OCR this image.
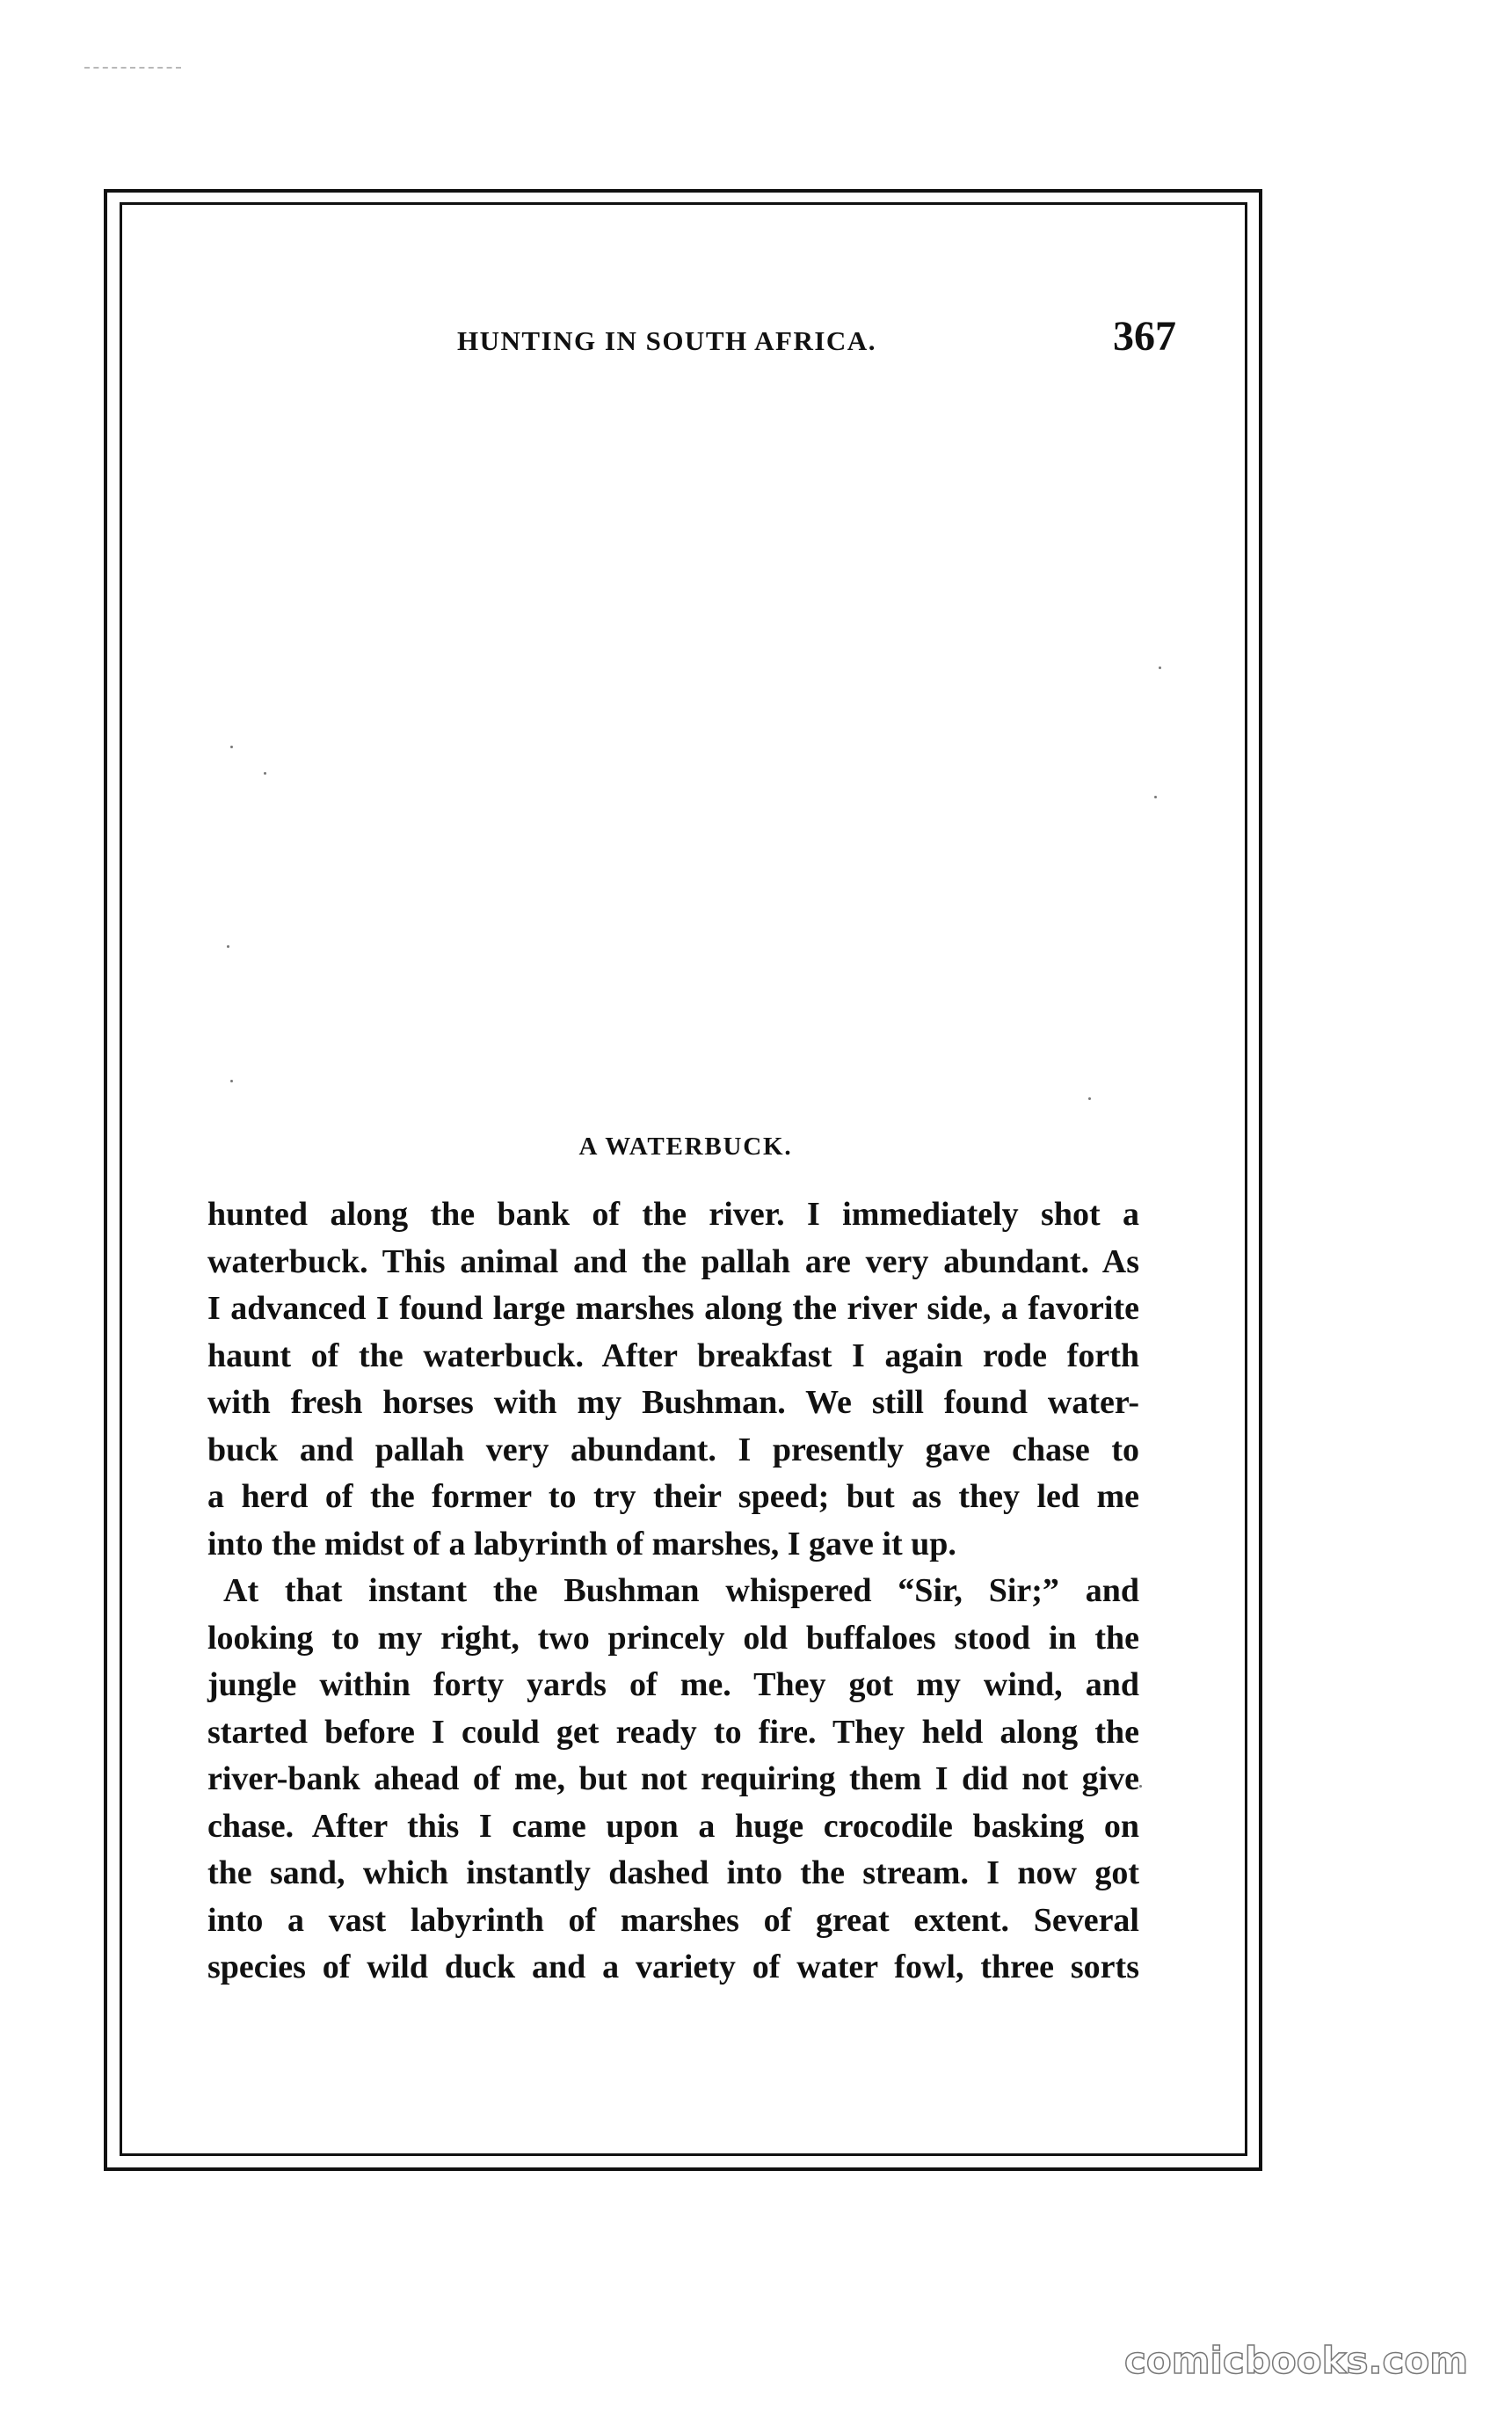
HUNTING IN SOUTH AFRICA.	367
A WATERBUCK.
hunted along the bank of the river. I immediately shot a
waterbuck. This animal and the pallah are very abundant. As
I advanced I found large marshes along the river side, a favorite
haunt of the waterbuck. After breakfast I again rode forth
with fresh horses with my Bushman. We still found water-
buck and pallah very abundant. I presently gave chase to
a herd of the former to try their speed; but as they led me
into the midst of a labyrinth of marshes, I gave it up.
At that instant the Bushman whispered “Sir, Sir;” and
looking to my right, two princely old buffaloes stood in the
jungle within forty yards of me. They got my wind, and
started before I could get ready to fire. They held along the
river-bank ahead of me, but not requiring them I did not give
chase. After this I came upon a huge crocodile basking on
the sand, which instantly dashed into the stream. I now got
into a vast labyrinth of marshes of great extent. Several
species of wild duck and a variety of water fowl, three sorts
comicbooks.com
